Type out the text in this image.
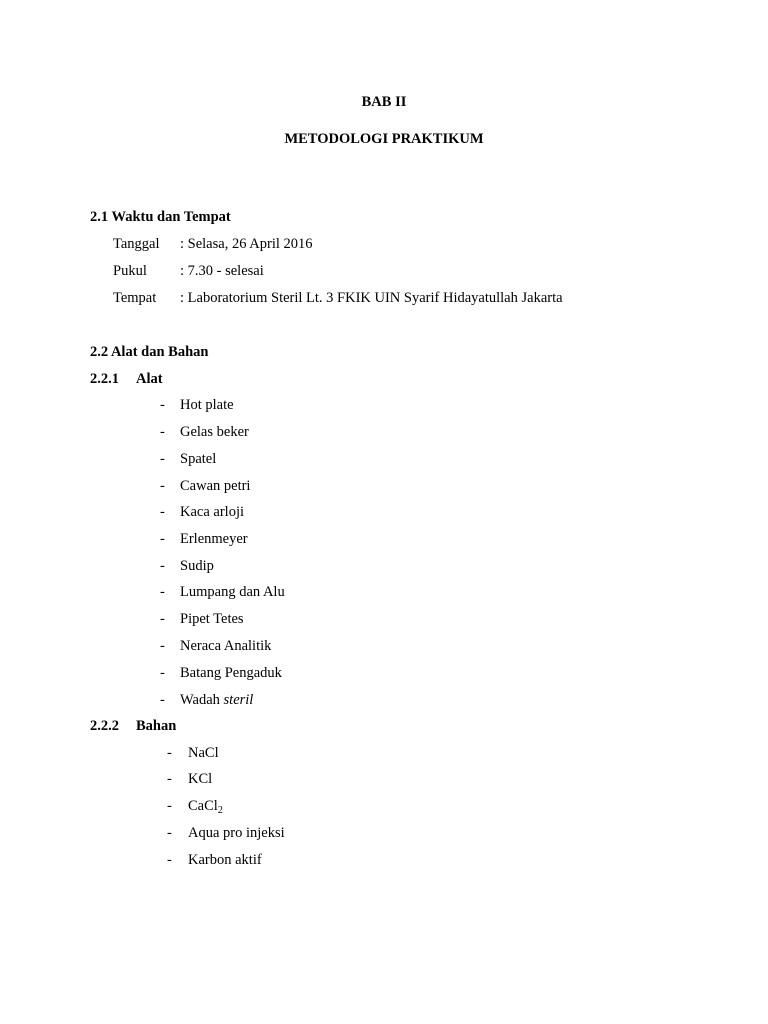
BAB II
METODOLOGI PRAKTIKUM
2.1 Waktu dan Tempat
Tanggal : Selasa, 26 April 2016
Pukul : 7.30 - selesai
Tempat : Laboratorium Steril Lt. 3 FKIK UIN Syarif Hidayatullah Jakarta
2.2 Alat dan Bahan
2.2.1 Alat
- Hot plate
- Gelas beker
- Spatel
- Cawan petri
- Kaca arloji
- Erlenmeyer
- Sudip
- Lumpang dan Alu
- Pipet Tetes
- Neraca Analitik
- Batang Pengaduk
- Wadah steril
2.2.2 Bahan
- NaCl
- KCl
- CaCl$_2$
- Aqua pro injeksi
- Karbon aktif
